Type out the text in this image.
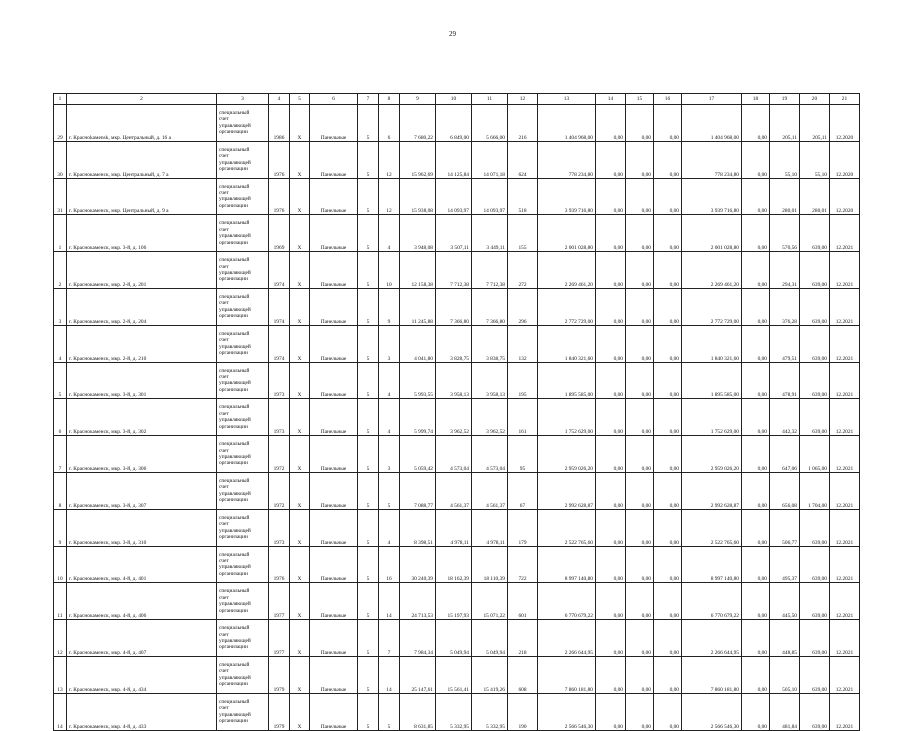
29
1	2	3	4	5	6	7	8	9	10	11	12	13	14	15	16	17	18	19	20	21
29	г. Красноkамensk, мкр. Центральный, д. 16 а	специальный
счет
управляющей
организации	1986	X	Панельные	5	6	7 680,22	6 849,00	5 666,00	216	1 404 968,00	0,00	0,00	0,00	1 404 968,00	0,00	205,11	205,11	12.2020
30	г. Краснокаменск, мкр. Центральный, д. 7 а	специальный
счет
управляющей
организации	1976	X	Панельные	5	12	15 962,69	14 125,84	14 071,18	624	778 234,80	0,00	0,00	0,00	778 234,80	0,00	55,10	55,10	12.2020
31	г. Краснокаменск, мкр. Центральный, д. 9 а	специальный
счет
управляющей
организации	1976	X	Панельные	5	12	15 938,08	14 093,97	14 093,97	518	3 939 716,80	0,00	0,00	0,00	3 939 716,80	0,00	280,01	280,01	12.2020
1	г. Краснокаменск, мкр. 3-й, д. 106	специальный
счет
управляющей
организации	1969	X	Панельные	5	4	3 948,08	3 507,11	3 449,11	155	2 001 028,80	0,00	0,00	0,00	2 001 028,80	0,00	570,56	639,00	12.2021
2	г. Краснокаменск, мкр. 2-й, д. 201	специальный
счет
управляющей
организации	1974	X	Панельные	5	10	12 158,38	7 712,38	7 712,38	272	2 269 461,20	0,00	0,00	0,00	2 269 461,20	0,00	294,31	639,00	12.2021
3	г. Краснокаменск, мкр. 2-й, д. 204	специальный
счет
управляющей
организации	1974	X	Панельные	5	9	11 245,88	7 366,80	7 366,80	296	2 772 729,00	0,00	0,00	0,00	2 772 729,00	0,00	376,28	639,00	12.2021
4	г. Краснокаменск, мкр. 2-й, д. 210	специальный
счет
управляющей
организации	1974	X	Панельные	5	3	4 041,80	3 828,75	3 838,75	132	1 840 321,60	0,00	0,00	0,00	1 840 321,60	0,00	479,51	639,00	12.2021
5	г. Краснокаменск, мкр. 3-й, д. 301	специальный
счет
управляющей
организации	1973	X	Панельные	5	4	5 993,55	3 958,13	3 958,13	195	1 895 585,00	0,00	0,00	0,00	1 895 585,00	0,00	478,91	639,00	12.2021
6	г. Краснокаменск, мкр. 3-й, д. 302	специальный
счет
управляющей
организации	1973	X	Панельные	5	4	5 999,74	3 962,52	3 962,52	161	1 752 629,00	0,00	0,00	0,00	1 752 629,00	0,00	442,32	639,00	12.2021
7	г. Краснокаменск, мкр. 3-й, д. 306	специальный
счет
управляющей
организации	1972	X	Панельные	5	3	5 059,42	4 573,04	4 573,04	95	2 959 026,20	0,00	0,00	0,00	2 959 026,20	0,00	647,06	1 065,00	12.2021
8	г. Краснокаменск, мкр. 3-й, д. 307	специальный
счет
управляющей
организации	1972	X	Панельные	5	5	7 088,77	4 561,37	4 561,37	67	2 992 628,87	0,00	0,00	0,00	2 992 628,87	0,00	656,08	1 704,00	12.2021
9	г. Краснокаменск, мкр. 3-й, д. 310	специальный
счет
управляющей
организации	1973	X	Панельные	5	4	8 398,51	4 978,11	4 978,11	179	2 522 765,60	0,00	0,00	0,00	2 522 765,60	0,00	506,77	639,00	12.2021
10	г. Краснокаменск, мкр. 4-й, д. 401	специальный
счет
управляющей
организации	1976	X	Панельные	5	16	30 240,39	18 162,39	18 110,39	722	8 997 140,80	0,00	0,00	0,00	8 997 140,80	0,00	495,37	639,00	12.2021
11	г. Краснокаменск, мкр. 4-й, д. 406	специальный
счет
управляющей
организации	1977	X	Панельные	5	14	24 713,53	15 197,93	15 071,22	601	6 770 679,22	0,00	0,00	0,00	6 770 679,22	0,00	445,50	639,00	12.2021
12	г. Краснокаменск, мкр. 4-й, д. 407	специальный
счет
управляющей
организации	1977	X	Панельные	5	7	7 984,34	5 049,94	5 049,94	218	2 266 644,95	0,00	0,00	0,00	2 266 644,95	0,00	448,85	639,00	12.2021
13	г. Краснокаменск, мкр. 4-й, д. 434	специальный
счет
управляющей
организации	1979	X	Панельные	5	14	25 147,61	15 561,41	15 419,26	608	7 860 181,80	0,00	0,00	0,00	7 860 181,80	0,00	505,10	639,00	12.2021
14	г. Краснокаменск, мкр. 4-й, д. 433	специальный
счет
управляющей
организации	1979	X	Панельные	5	5	8 631,85	5 332,95	5 332,95	190	2 566 546,30	0,00	0,00	0,00	2 566 546,30	0,00	481,84	639,00	12.2021
